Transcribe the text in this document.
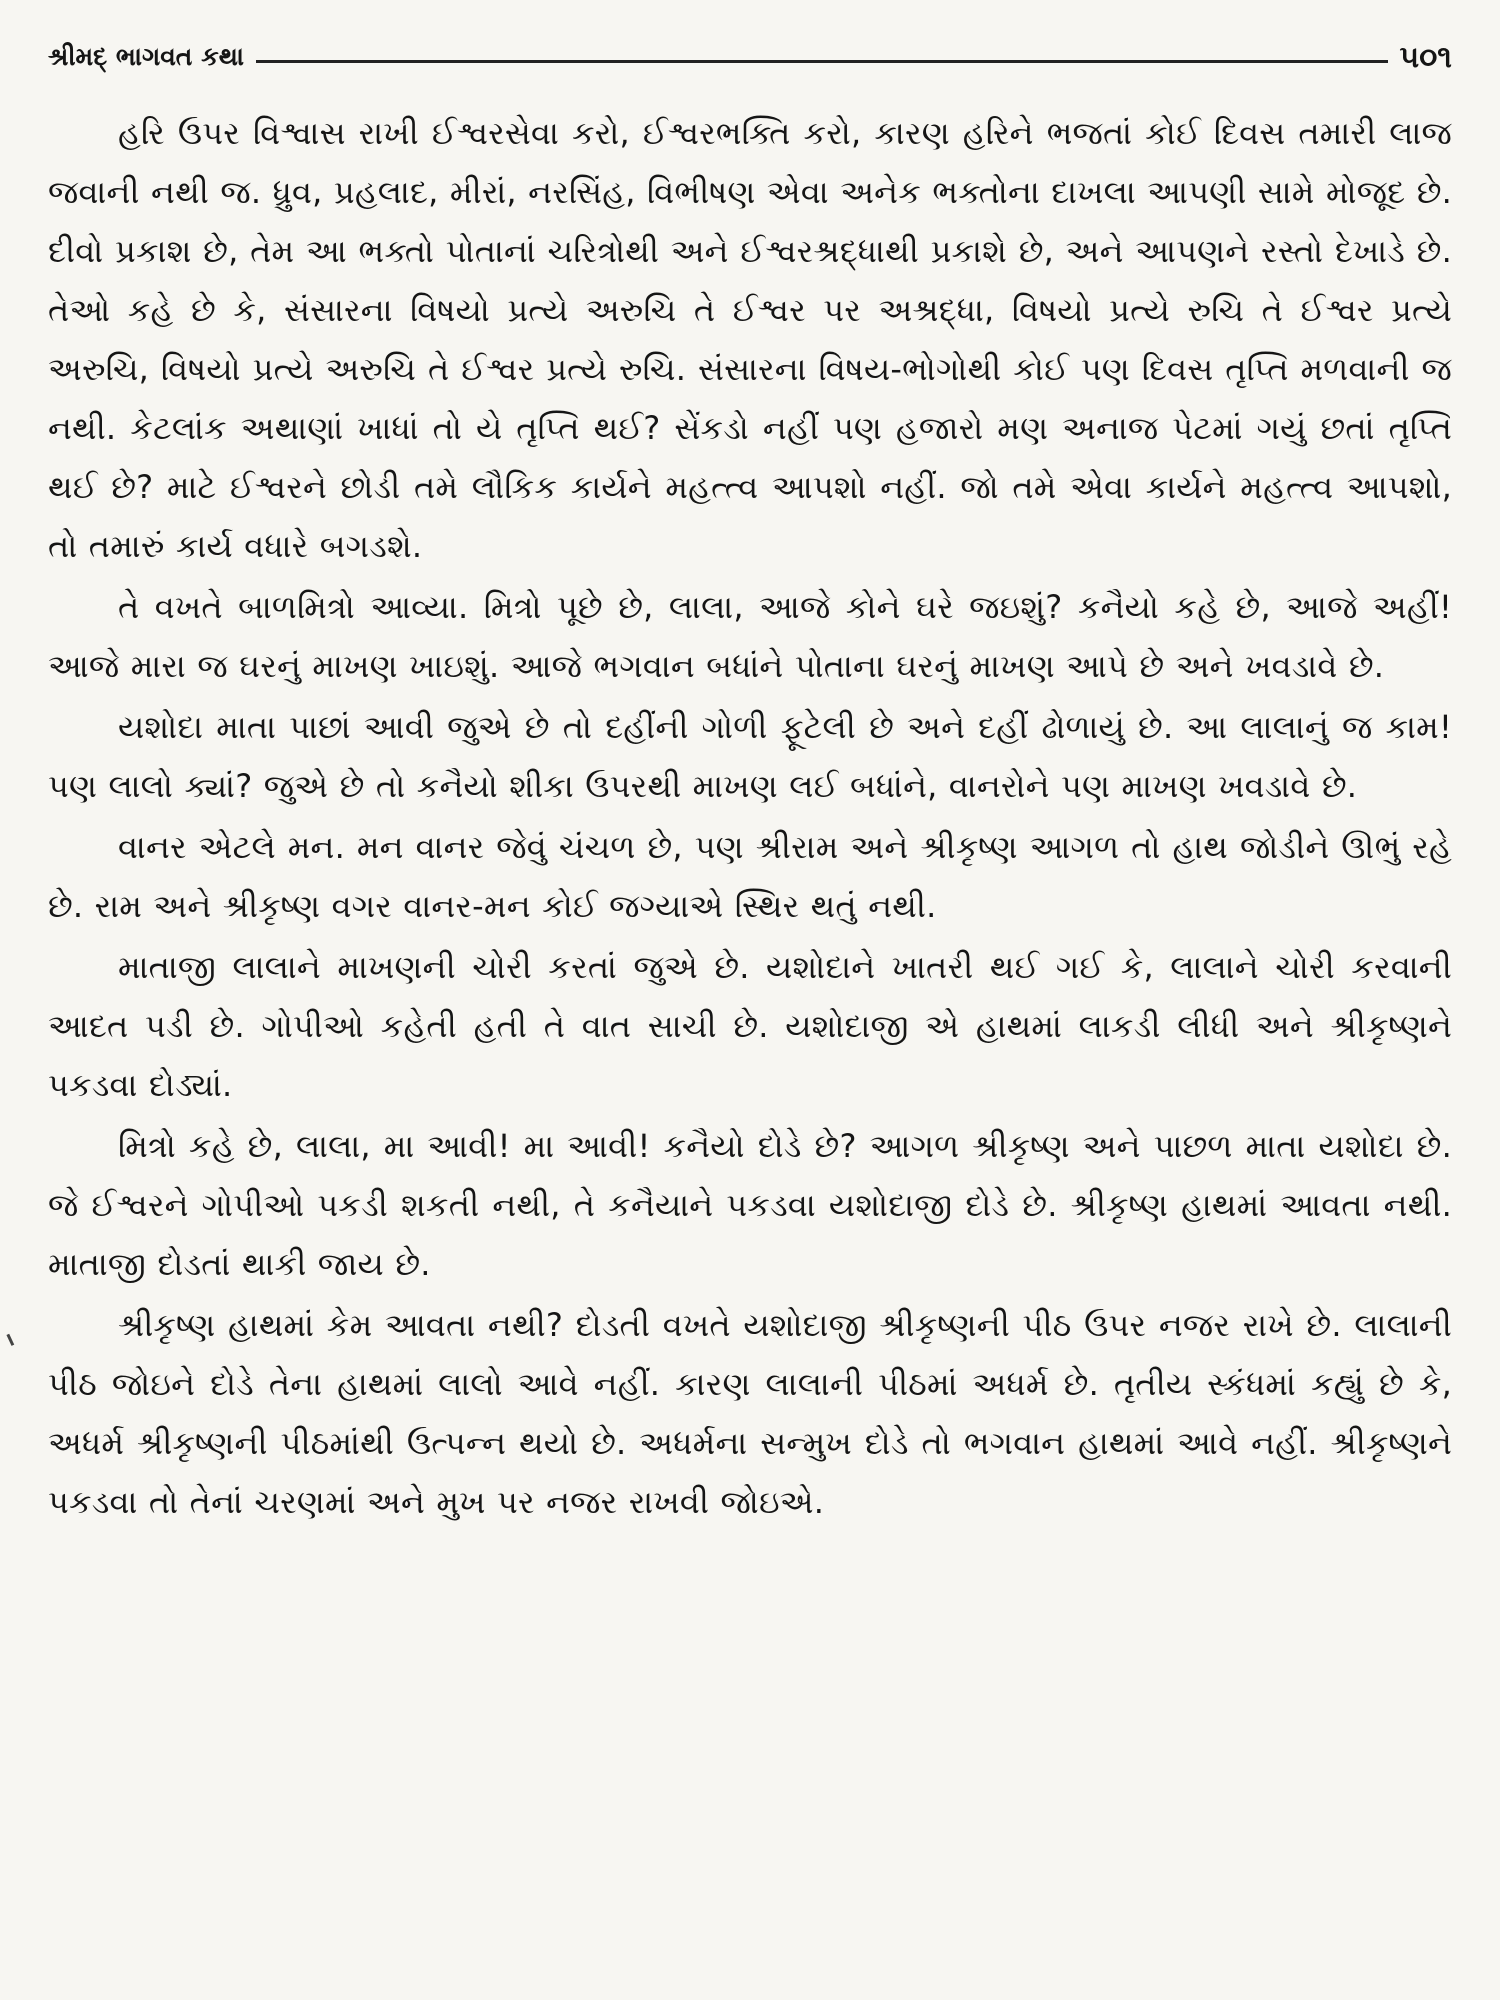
શ્રીમદ્ ભાગવત કથા	૫૦૧

હરિ ઉપર વિશ્વાસ રાખી ઈશ્વરસેવા કરો, ઈશ્વરભક્તિ કરો, કારણ હરિને ભજતાં કોઈ દિવસ તમારી લાજ જવાની નથી જ. ધ્રુવ, પ્રહલાદ, મીરાં, નરસિંહ, વિભીષણ એવા અનેક ભક્તોના દાખલા આપણી સામે મોજૂદ છે. દીવો પ્રકાશ છે, તેમ આ ભક્તો પોતાનાં ચરિત્રોથી અને ઈશ્વરશ્રદ્ધાથી પ્રકાશે છે, અને આપણને રસ્તો દેખાડે છે. તેઓ કહે છે કે, સંસારના વિષયો પ્રત્યે અરુચિ તે ઈશ્વર પર અશ્રદ્ધા, વિષયો પ્રત્યે રુચિ તે ઈશ્વર પ્રત્યે અરુચિ, વિષયો પ્રત્યે અરુચિ તે ઈશ્વર પ્રત્યે રુચિ. સંસારના વિષય-ભોગોથી કોઈ પણ દિવસ તૃપ્તિ મળવાની જ નથી. કેટલાંક અથાણાં ખાધાં તો યે તૃપ્તિ થઈ? સેંકડો નહીં પણ હજારો મણ અનાજ પેટમાં ગયું છતાં તૃપ્તિ થઈ છે? માટે ઈશ્વરને છોડી તમે લૌકિક કાર્યને મહત્ત્વ આપશો નહીં. જો તમે એવા કાર્યને મહત્ત્વ આપશો, તો તમારું કાર્ય વધારે બગડશે.

તે વખતે બાળમિત્રો આવ્યા. મિત્રો પૂછે છે, લાલા, આજે કોને ઘરે જઇશું? કનૈયો કહે છે, આજે અહીં! આજે મારા જ ઘરનું માખણ ખાઇશું. આજે ભગવાન બધાંને પોતાના ઘરનું માખણ આપે છે અને ખવડાવે છે.

યશોદા માતા પાછાં આવી જુએ છે તો દહીંની ગોળી ફૂટેલી છે અને દહીં ઢોળાયું છે. આ લાલાનું જ કામ! પણ લાલો ક્યાં? જુએ છે તો કનૈયો શીકા ઉપરથી માખણ લઈ બધાંને, વાનરોને પણ માખણ ખવડાવે છે.

વાનર એટલે મન. મન વાનર જેવું ચંચળ છે, પણ શ્રીરામ અને શ્રીકૃષ્ણ આગળ તો હાથ જોડીને ઊભું રહે છે. રામ અને શ્રીકૃષ્ણ વગર વાનર-મન કોઈ જગ્યાએ સ્થિર થતું નથી.

માતાજી લાલાને માખણની ચોરી કરતાં જુએ છે. યશોદાને ખાતરી થઈ ગઈ કે, લાલાને ચોરી કરવાની આદત પડી છે. ગોપીઓ કહેતી હતી તે વાત સાચી છે. યશોદાજી એ હાથમાં લાકડી લીધી અને શ્રીકૃષ્ણને પકડવા દોડ્યાં.

મિત્રો કહે છે, લાલા, મા આવી! મા આવી! કનૈયો દોડે છે? આગળ શ્રીકૃષ્ણ અને પાછળ માતા યશોદા છે. જે ઈશ્વરને ગોપીઓ પકડી શકતી નથી, તે કનૈયાને પકડવા યશોદાજી દોડે છે. શ્રીકૃષ્ણ હાથમાં આવતા નથી. માતાજી દોડતાં થાકી જાય છે.

શ્રીકૃષ્ણ હાથમાં કેમ આવતા નથી? દોડતી વખતે યશોદાજી શ્રીકૃષ્ણની પીઠ ઉપર નજર રાખે છે. લાલાની પીઠ જોઇને દોડે તેના હાથમાં લાલો આવે નહીં. કારણ લાલાની પીઠમાં અધર્મ છે. તૃતીય સ્કંધમાં કહ્યું છે કે, અધર્મ શ્રીકૃષ્ણની પીઠમાંથી ઉત્પન્ન થયો છે. અધર્મના સન્મુખ દોડે તો ભગવાન હાથમાં આવે નહીં. શ્રીકૃષ્ણને પકડવા તો તેનાં ચરણમાં અને મુખ પર નજર રાખવી જોઇએ.
